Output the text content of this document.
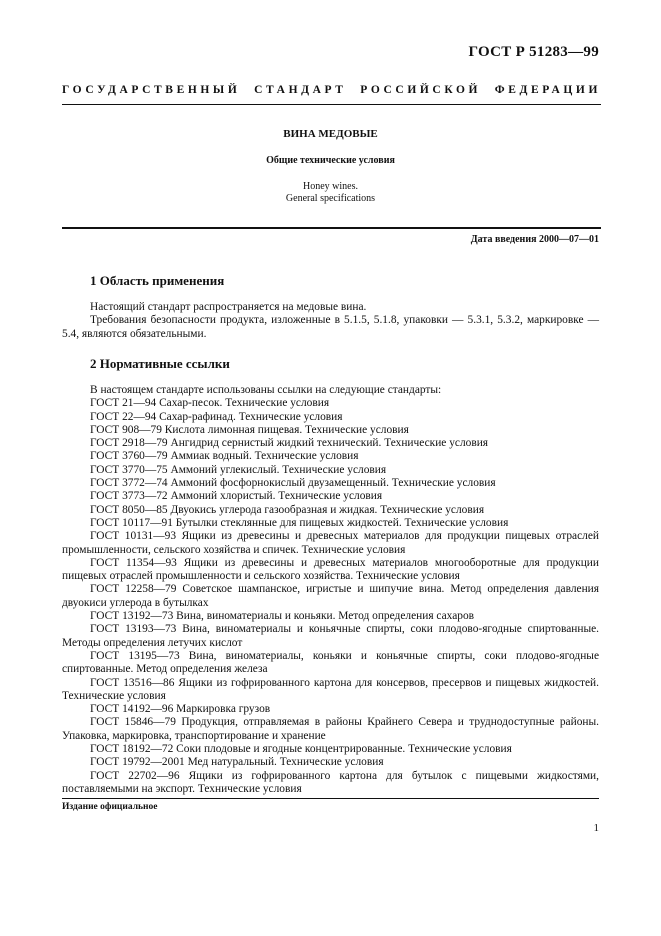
ГОСТ Р 51283—99
ГОСУДАРСТВЕННЫЙ СТАНДАРТ РОССИЙСКОЙ ФЕДЕРАЦИИ
ВИНА МЕДОВЫЕ
Общие технические условия
Honey wines.
General specifications
Дата введения 2000—07—01
1 Область применения

Настоящий стандарт распространяется на медовые вина.

Требования безопасности продукта, изложенные в 5.1.5, 5.1.8, упаковки — 5.3.1, 5.3.2, маркировке — 5.4, являются обязательными.

2 Нормативные ссылки

В настоящем стандарте использованы ссылки на следующие стандарты:

ГОСТ 21—94 Сахар-песок. Технические условия

ГОСТ 22—94 Сахар-рафинад. Технические условия

ГОСТ 908—79 Кислота лимонная пищевая. Технические условия

ГОСТ 2918—79 Ангидрид сернистый жидкий технический. Технические условия

ГОСТ 3760—79 Аммиак водный. Технические условия

ГОСТ 3770—75 Аммоний углекислый. Технические условия

ГОСТ 3772—74 Аммоний фосфорнокислый двузамещенный. Технические условия

ГОСТ 3773—72 Аммоний хлористый. Технические условия

ГОСТ 8050—85 Двуокись углерода газообразная и жидкая. Технические условия

ГОСТ 10117—91 Бутылки стеклянные для пищевых жидкостей. Технические условия

ГОСТ 10131—93 Ящики из древесины и древесных материалов для продукции пищевых отраслей промышленности, сельского хозяйства и спичек. Технические условия

ГОСТ 11354—93 Ящики из древесины и древесных материалов многооборотные для продукции пищевых отраслей промышленности и сельского хозяйства. Технические условия

ГОСТ 12258—79 Советское шампанское, игристые и шипучие вина. Метод определения давления двуокиси углерода в бутылках

ГОСТ 13192—73 Вина, виноматериалы и коньяки. Метод определения сахаров

ГОСТ 13193—73 Вина, виноматериалы и коньячные спирты, соки плодово-ягодные спиртованные. Методы определения летучих кислот

ГОСТ 13195—73 Вина, виноматериалы, коньяки и коньячные спирты, соки плодово-ягодные спиртованные. Метод определения железа

ГОСТ 13516—86 Ящики из гофрированного картона для консервов, пресервов и пищевых жидкостей. Технические условия

ГОСТ 14192—96 Маркировка грузов

ГОСТ 15846—79 Продукция, отправляемая в районы Крайнего Севера и труднодоступные районы. Упаковка, маркировка, транспортирование и хранение

ГОСТ 18192—72 Соки плодовые и ягодные концентрированные. Технические условия

ГОСТ 19792—2001 Мед натуральный. Технические условия

ГОСТ 22702—96 Ящики из гофрированного картона для бутылок с пищевыми жидкостями, поставляемыми на экспорт. Технические условия

Издание официальное
1
